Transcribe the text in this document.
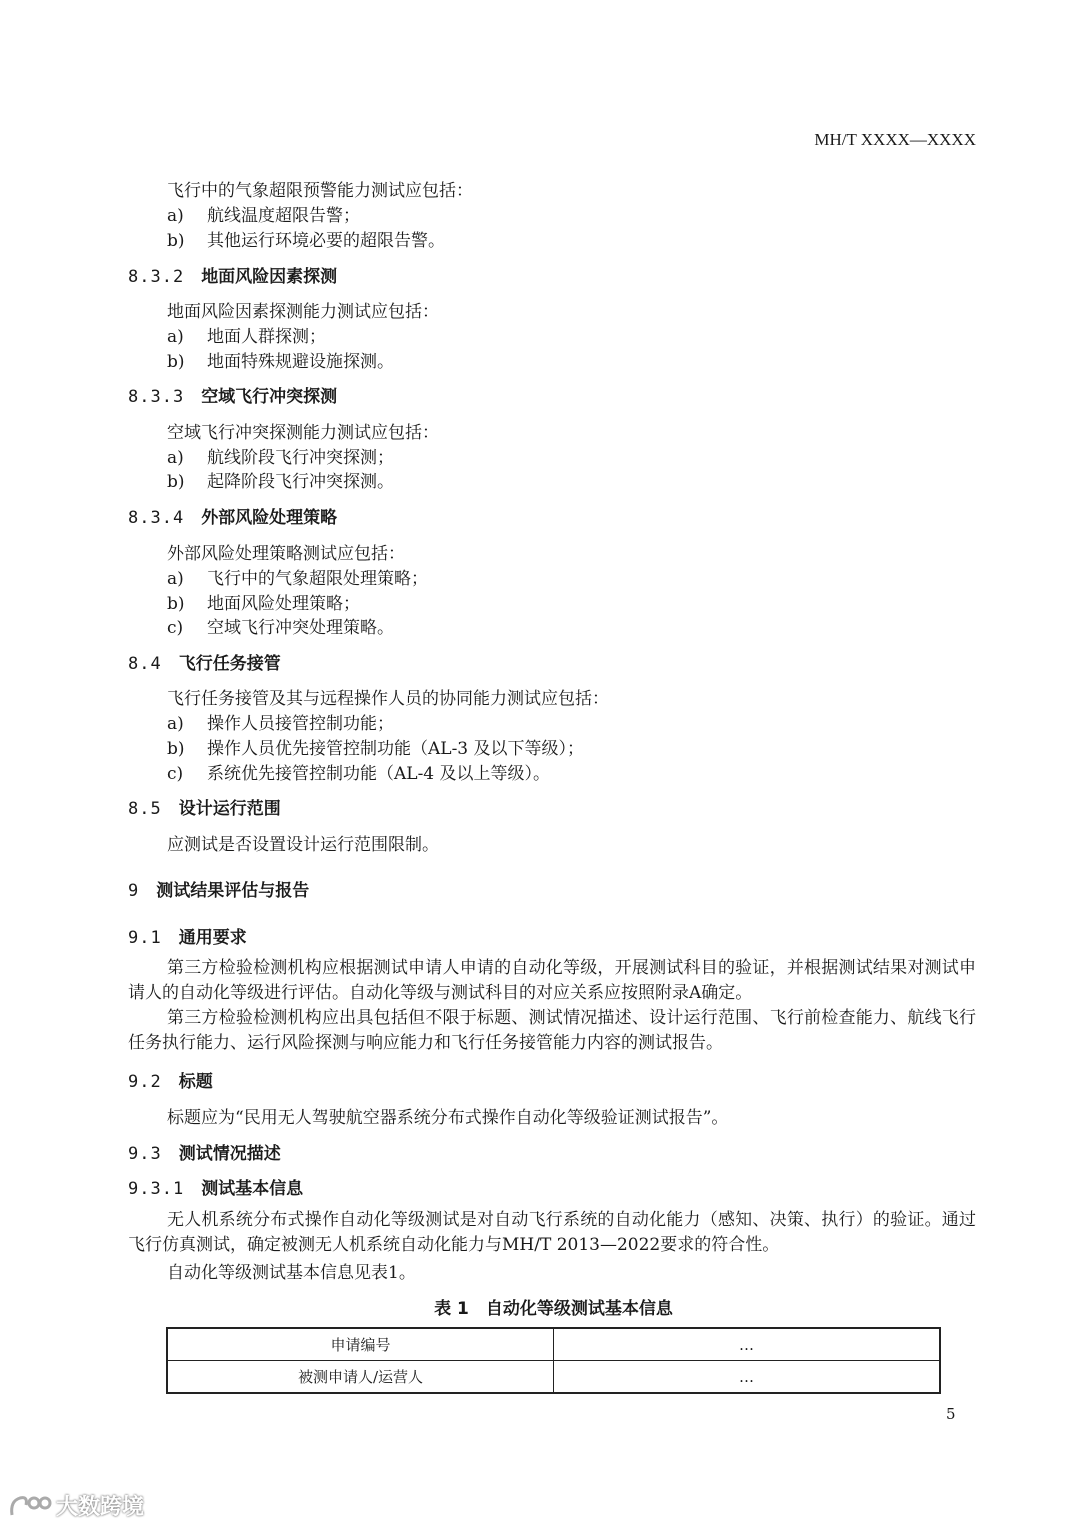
MH/T XXXX—XXXX
飞行中的气象超限预警能力测试应包括：
a) 航线温度超限告警；
b) 其他运行环境必要的超限告警。
8.3.2　 地面风险因素探测
地面风险因素探测能力测试应包括：
a) 地面人群探测；
b) 地面特殊规避设施探测。
8.3.3　 空域飞行冲突探测
空域飞行冲突探测能力测试应包括：
a) 航线阶段飞行冲突探测；
b) 起降阶段飞行冲突探测。
8.3.4　 外部风险处理策略
外部风险处理策略测试应包括：
a) 飞行中的气象超限处理策略；
b) 地面风险处理策略；
c) 空域飞行冲突处理策略。
8.4　 飞行任务接管
飞行任务接管及其与远程操作人员的协同能力测试应包括：
a) 操作人员接管控制功能；
b) 操作人员优先接管控制功能（AL-3 及以下等级）；
c) 系统优先接管控制功能（AL-4 及以上等级）。
8.5　 设计运行范围
应测试是否设置设计运行范围限制。
9　 测试结果评估与报告
9.1　 通用要求
第三方检验检测机构应根据测试申请人申请的自动化等级，开展测试科目的验证，并根据测试结果对测试申请人的自动化等级进行评估。自动化等级与测试科目的对应关系应按照附录A确定。
第三方检验检测机构应出具包括但不限于标题、测试情况描述、设计运行范围、飞行前检查能力、航线飞行任务执行能力、运行风险探测与响应能力和飞行任务接管能力内容的测试报告。
9.2　 标题
标题应为“民用无人驾驶航空器系统分布式操作自动化等级验证测试报告”。
9.3　 测试情况描述
9.3.1　 测试基本信息
无人机系统分布式操作自动化等级测试是对自动飞行系统的自动化能力（感知、决策、执行）的验证。通过飞行仿真测试，确定被测无人机系统自动化能力与MH/T 2013—2022要求的符合性。
自动化等级测试基本信息见表1。
表 1　自动化等级测试基本信息
申请编号	…
被测申请人/运营人	…
5
大数跨境
